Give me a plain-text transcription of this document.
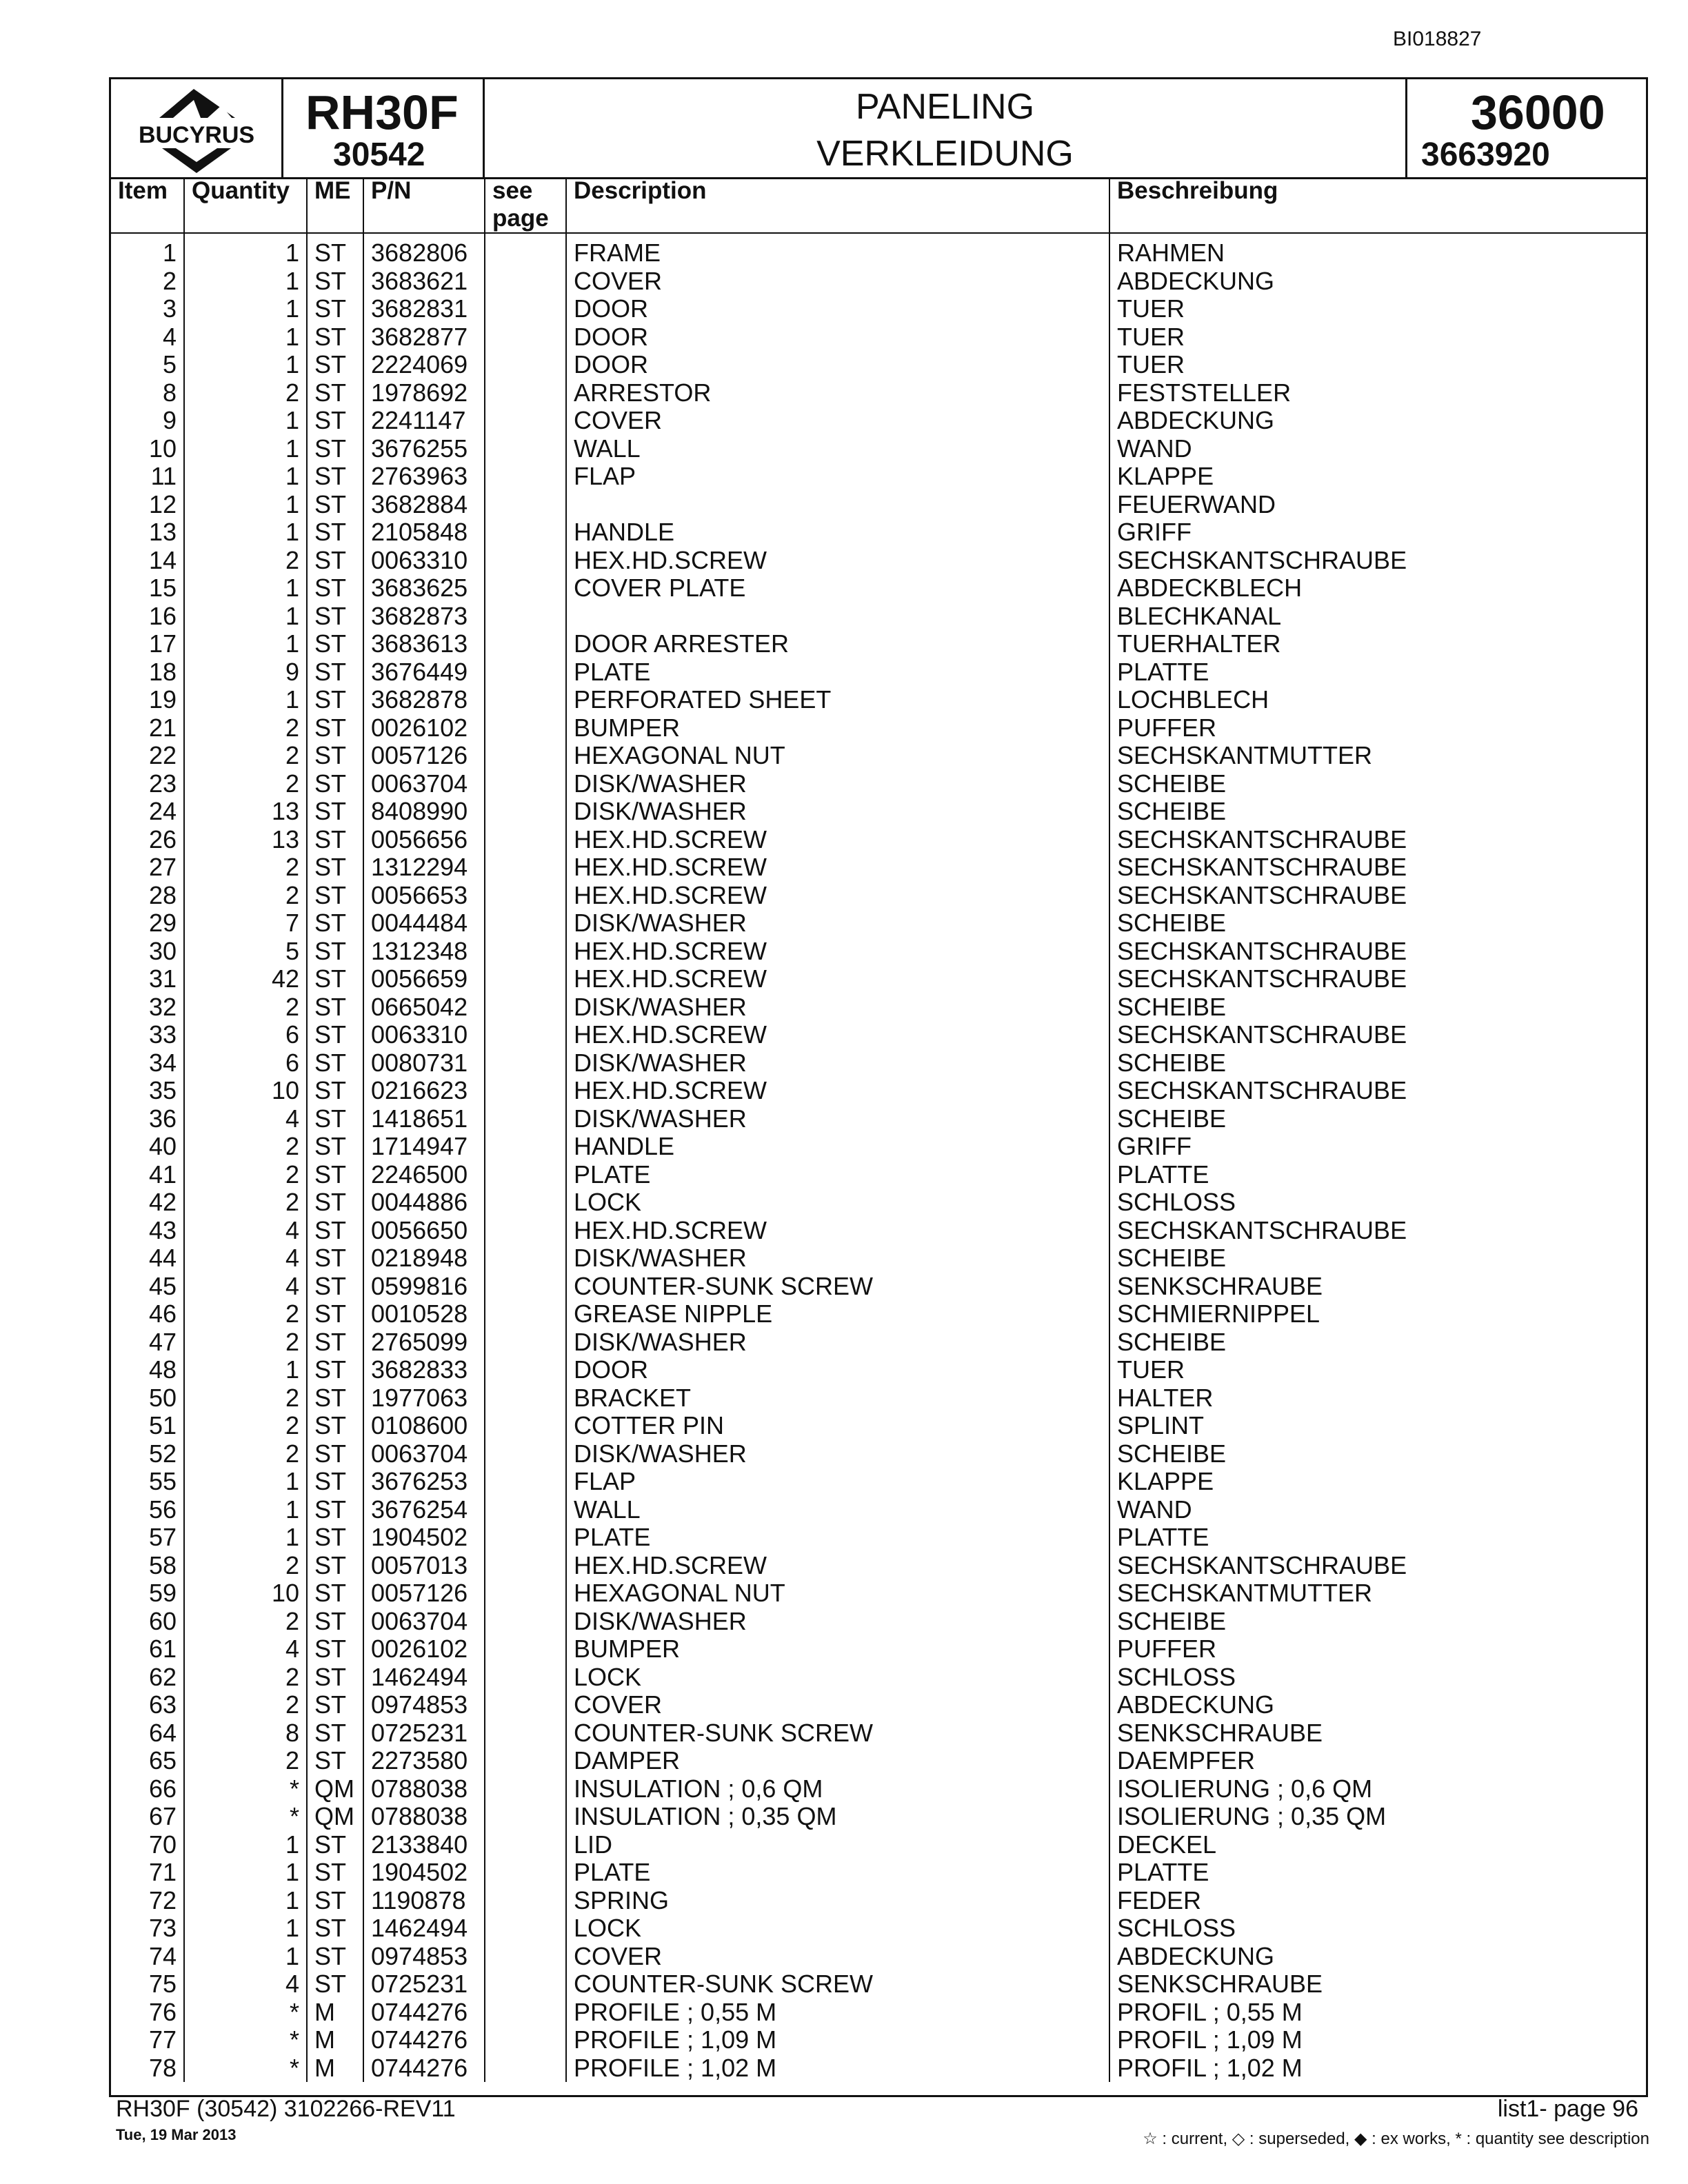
BI018827
BUCYRUS RH30F
30542
PANELING
VERKLEIDUNG
36000
3663920
Item	Quantity	ME	P/N	see page	Description	Beschreibung
1	1	ST	3682806		FRAME	RAHMEN
2	1	ST	3683621		COVER	ABDECKUNG
3	1	ST	3682831		DOOR	TUER
4	1	ST	3682877		DOOR	TUER
5	1	ST	2224069		DOOR	TUER
8	2	ST	1978692		ARRESTOR	FESTSTELLER
9	1	ST	2241147		COVER	ABDECKUNG
10	1	ST	3676255		WALL	WAND
11	1	ST	2763963		FLAP	KLAPPE
12	1	ST	3682884			FEUERWAND
13	1	ST	2105848		HANDLE	GRIFF
14	2	ST	0063310		HEX.HD.SCREW	SECHSKANTSCHRAUBE
15	1	ST	3683625		COVER PLATE	ABDECKBLECH
16	1	ST	3682873			BLECHKANAL
17	1	ST	3683613		DOOR ARRESTER	TUERHALTER
18	9	ST	3676449		PLATE	PLATTE
19	1	ST	3682878		PERFORATED SHEET	LOCHBLECH
21	2	ST	0026102		BUMPER	PUFFER
22	2	ST	0057126		HEXAGONAL NUT	SECHSKANTMUTTER
23	2	ST	0063704		DISK/WASHER	SCHEIBE
24	13	ST	8408990		DISK/WASHER	SCHEIBE
26	13	ST	0056656		HEX.HD.SCREW	SECHSKANTSCHRAUBE
27	2	ST	1312294		HEX.HD.SCREW	SECHSKANTSCHRAUBE
28	2	ST	0056653		HEX.HD.SCREW	SECHSKANTSCHRAUBE
29	7	ST	0044484		DISK/WASHER	SCHEIBE
30	5	ST	1312348		HEX.HD.SCREW	SECHSKANTSCHRAUBE
31	42	ST	0056659		HEX.HD.SCREW	SECHSKANTSCHRAUBE
32	2	ST	0665042		DISK/WASHER	SCHEIBE
33	6	ST	0063310		HEX.HD.SCREW	SECHSKANTSCHRAUBE
34	6	ST	0080731		DISK/WASHER	SCHEIBE
35	10	ST	0216623		HEX.HD.SCREW	SECHSKANTSCHRAUBE
36	4	ST	1418651		DISK/WASHER	SCHEIBE
40	2	ST	1714947		HANDLE	GRIFF
41	2	ST	2246500		PLATE	PLATTE
42	2	ST	0044886		LOCK	SCHLOSS
43	4	ST	0056650		HEX.HD.SCREW	SECHSKANTSCHRAUBE
44	4	ST	0218948		DISK/WASHER	SCHEIBE
45	4	ST	0599816		COUNTER-SUNK SCREW	SENKSCHRAUBE
46	2	ST	0010528		GREASE NIPPLE	SCHMIERNIPPEL
47	2	ST	2765099		DISK/WASHER	SCHEIBE
48	1	ST	3682833		DOOR	TUER
50	2	ST	1977063		BRACKET	HALTER
51	2	ST	0108600		COTTER PIN	SPLINT
52	2	ST	0063704		DISK/WASHER	SCHEIBE
55	1	ST	3676253		FLAP	KLAPPE
56	1	ST	3676254		WALL	WAND
57	1	ST	1904502		PLATE	PLATTE
58	2	ST	0057013		HEX.HD.SCREW	SECHSKANTSCHRAUBE
59	10	ST	0057126		HEXAGONAL NUT	SECHSKANTMUTTER
60	2	ST	0063704		DISK/WASHER	SCHEIBE
61	4	ST	0026102		BUMPER	PUFFER
62	2	ST	1462494		LOCK	SCHLOSS
63	2	ST	0974853		COVER	ABDECKUNG
64	8	ST	0725231		COUNTER-SUNK SCREW	SENKSCHRAUBE
65	2	ST	2273580		DAMPER	DAEMPFER
66	*	QM	0788038		INSULATION ; 0,6 QM	ISOLIERUNG ; 0,6 QM
67	*	QM	0788038		INSULATION ; 0,35 QM	ISOLIERUNG ; 0,35 QM
70	1	ST	2133840		LID	DECKEL
71	1	ST	1904502		PLATE	PLATTE
72	1	ST	1190878		SPRING	FEDER
73	1	ST	1462494		LOCK	SCHLOSS
74	1	ST	0974853		COVER	ABDECKUNG
75	4	ST	0725231		COUNTER-SUNK SCREW	SENKSCHRAUBE
76	*	M	0744276		PROFILE ; 0,55 M	PROFIL ; 0,55 M
77	*	M	0744276		PROFILE ; 1,09 M	PROFIL ; 1,09 M
78	*	M	0744276		PROFILE ; 1,02 M	PROFIL ; 1,02 M
RH30F (30542) 3102266-REV11
Tue, 19 Mar 2013
list1- page 96
☆ : current, ◇ : superseded, ◆ : ex works, * : quantity see description
